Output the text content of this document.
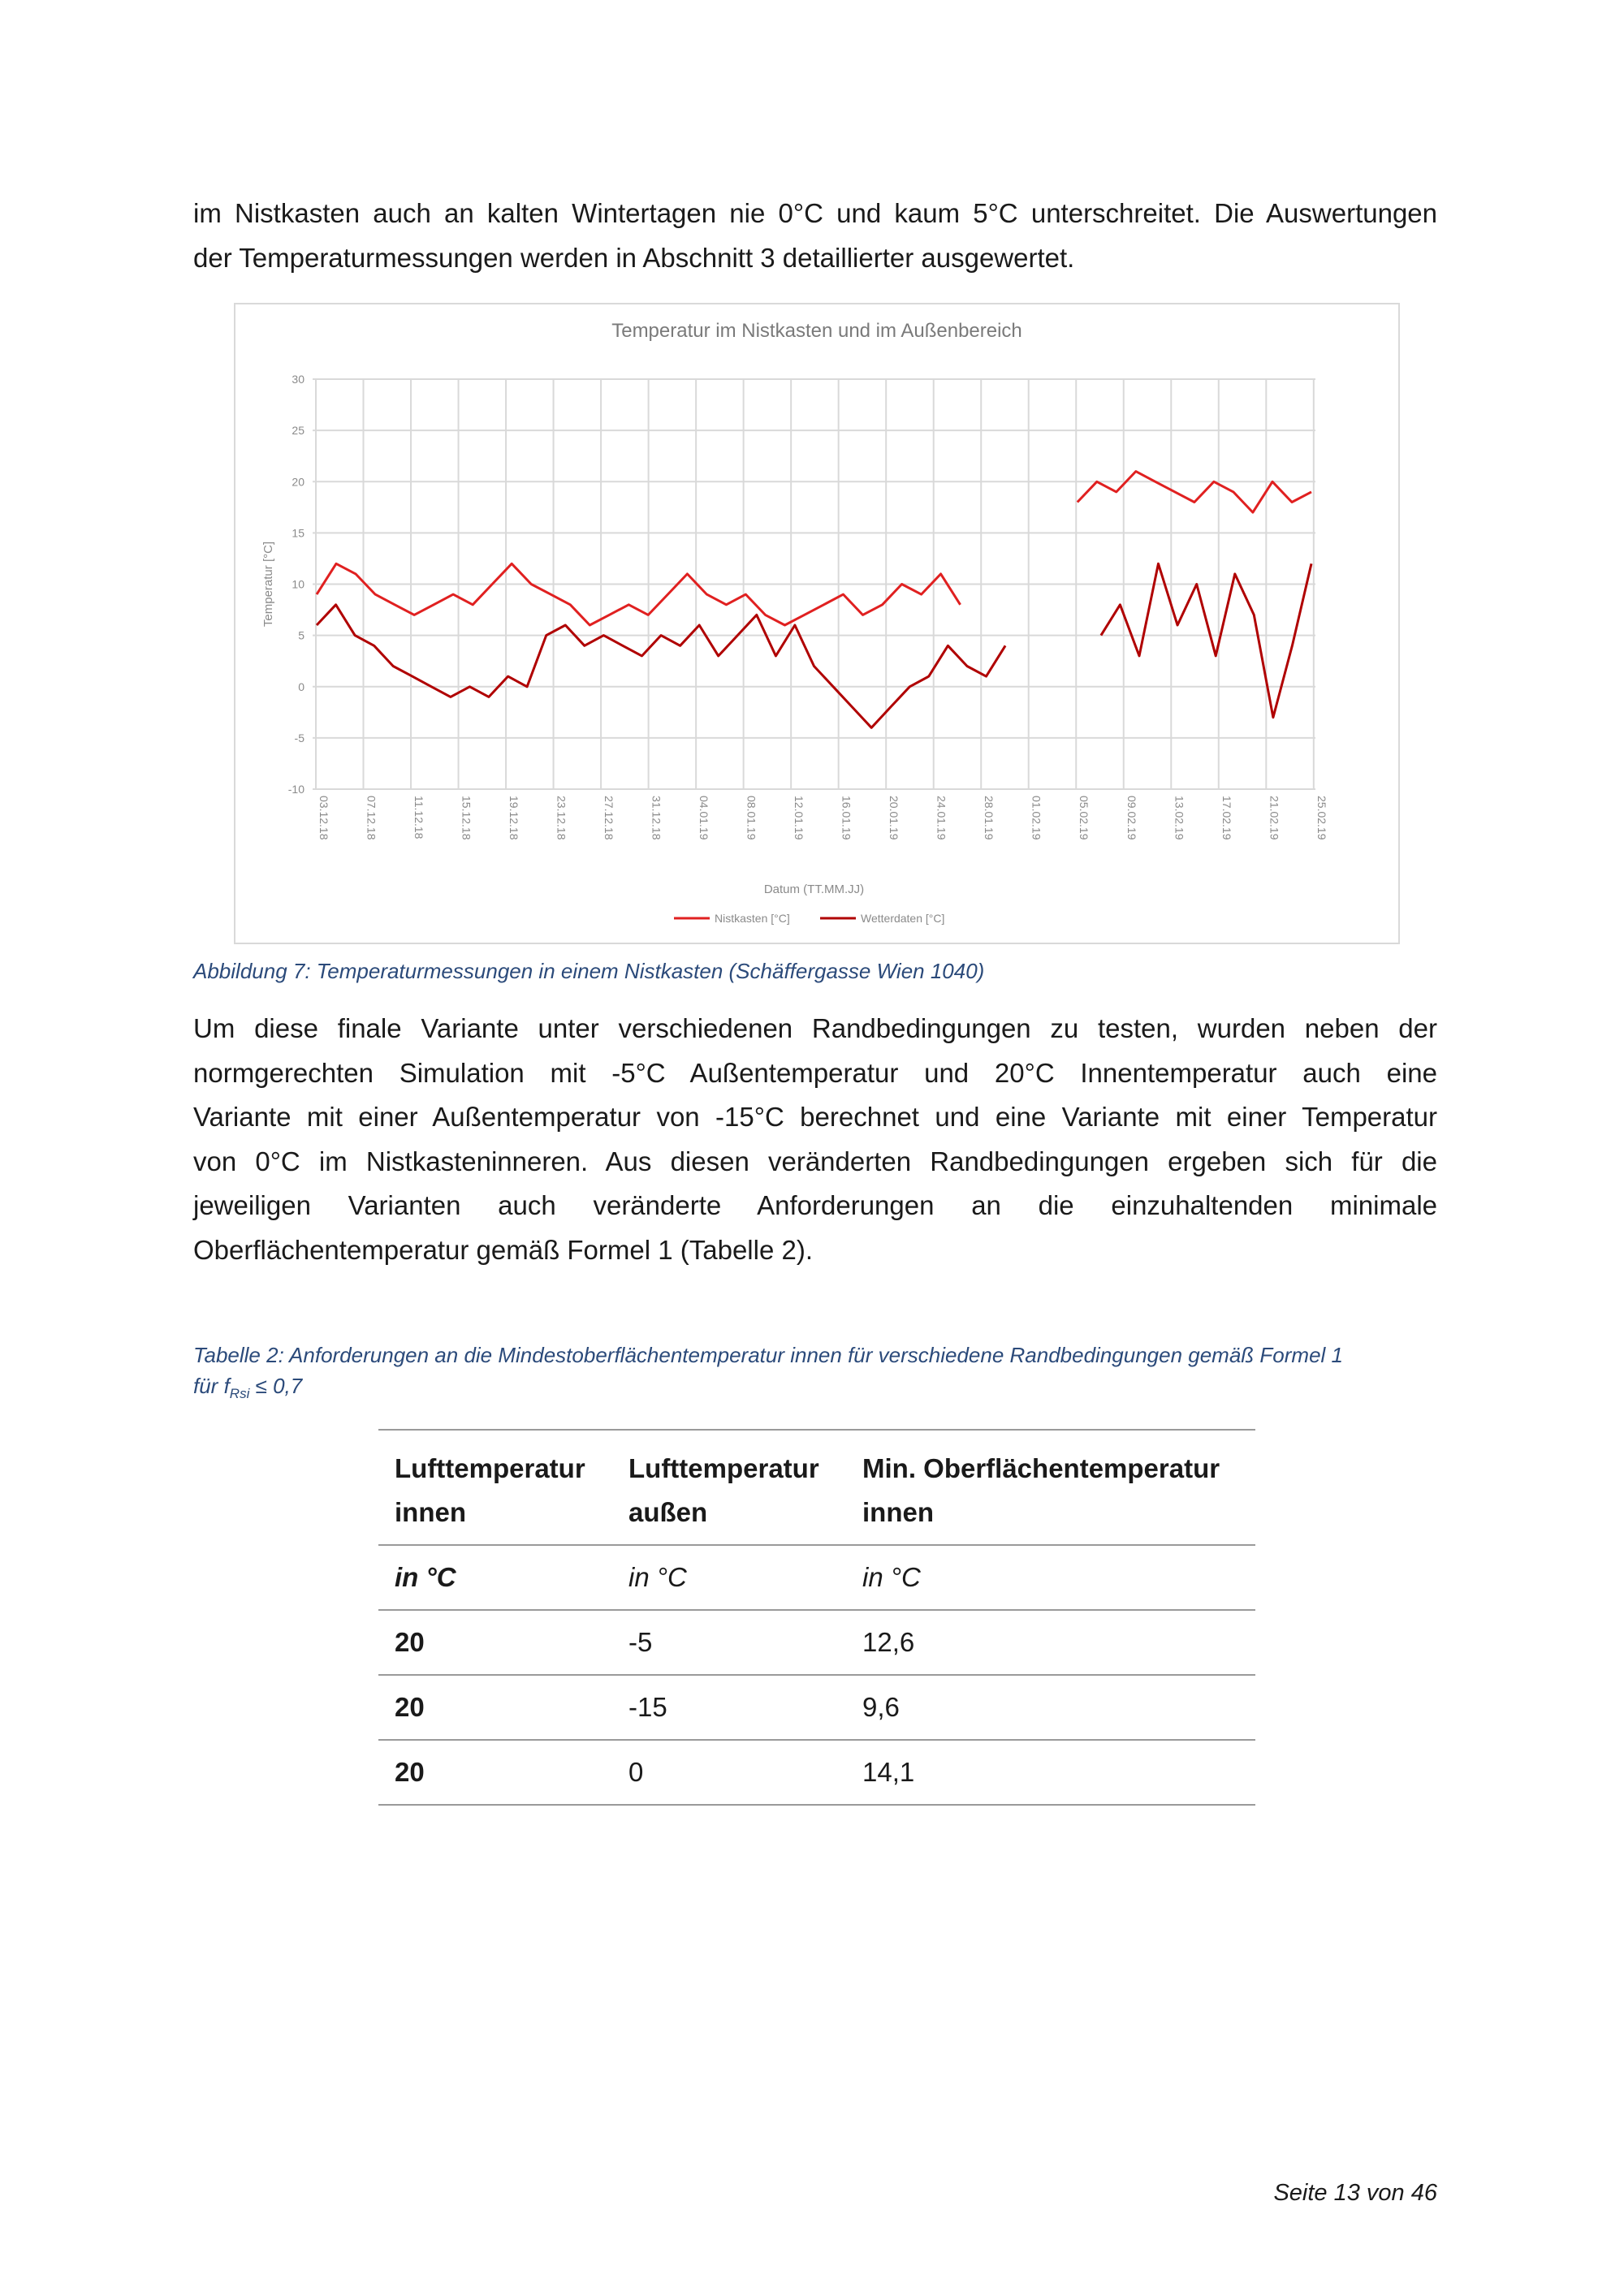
im Nistkasten auch an kalten Wintertagen nie 0°C und kaum 5°C unterschreitet. Die Auswertungen
der Temperaturmessungen werden in Abschnitt 3 detaillierter ausgewertet.
Temperatur im Nistkasten und im Außenbereich
30
25
20
15
10
5
0
-5
-10
03.12.18	07.12.18	11.12.18	15.12.18	19.12.18	23.12.18	27.12.18	31.12.18	04.01.19	08.01.19	12.01.19	16.01.19	20.01.19	24.01.19	28.01.19	01.02.19	05.02.19	09.02.19	13.02.19	17.02.19	21.02.19	25.02.19
Temperatur [°C]
Datum (TT.MM.JJ)
Nistkasten [°C]	Wetterdaten [°C]

Abbildung 7: Temperaturmessungen in einem Nistkasten (Schäffergasse Wien 1040)

Um diese finale Variante unter verschiedenen Randbedingungen zu testen, wurden neben der
normgerechten Simulation mit -5°C Außentemperatur und 20°C Innentemperatur auch eine
Variante mit einer Außentemperatur von -15°C berechnet und eine Variante mit einer Temperatur
von 0°C im Nistkasteninneren. Aus diesen veränderten Randbedingungen ergeben sich für die
jeweiligen Varianten auch veränderte Anforderungen an die einzuhaltenden minimale
Oberflächentemperatur gemäß Formel 1 (Tabelle 2).

Tabelle 2: Anforderungen an die Mindestoberflächentemperatur innen für verschiedene Randbedingungen gemäß Formel 1
für $f_{Rsi} \le 0,7$

Lufttemperatur innen	Lufttemperatur außen	Min. Oberflächentemperatur innen
in °C	in °C	in °C
20	-5	12,6
20	-15	9,6
20	0	14,1
Seite 13 von 46
